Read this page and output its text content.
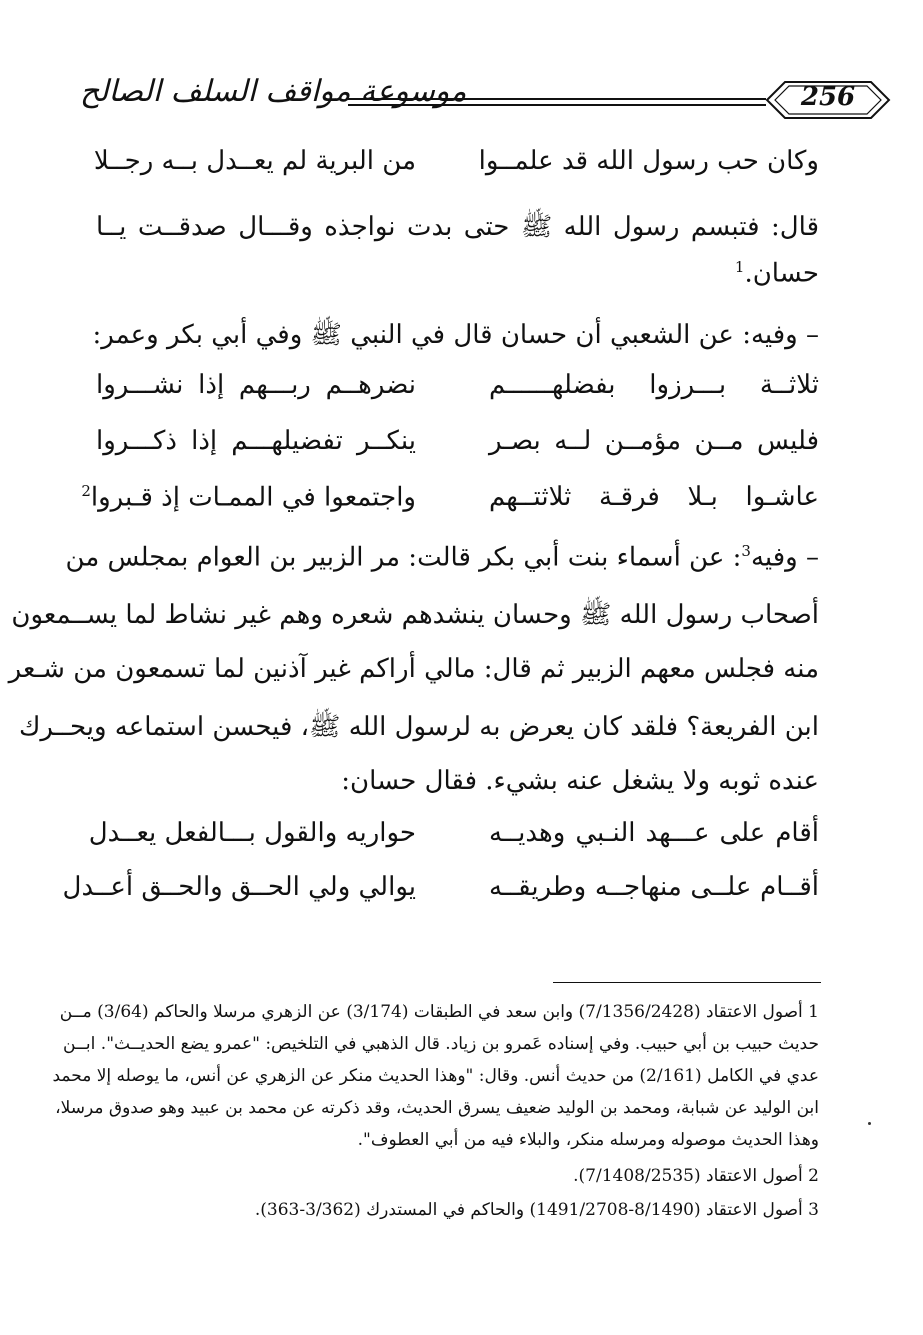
موسوعة مواقف السلف الصالح	256
وكان حب رسول الله قد علمــوا
من البرية لم يعــدل بــه رجــلا
قال: فتبسم رسول الله ﷺ حتى بدت نواجذه وقـــال صدقــت يــا
حسان.$^1$
– وفيه: عن الشعبي أن حسان قال في النبي ﷺ وفي أبي بكر وعمر:
ثلاثــة بـــرزوا بفضلهــــــم
نضرهــم ربـــهم إذا نشـــروا
فليس مــن مؤمــن لــه بصـر
ينكــر تفضيلهـــم إذا ذكـــروا
عاشـوا بـلا فرقـة ثلاثتــهم
واجتمعوا في الممـات إذ قـبروا$^2$
– وفيه$^3$: عن أسماء بنت أبي بكر قالت: مر الزبير بن العوام بمجلس من
أصحاب رسول الله ﷺ وحسان ينشدهم شعره وهم غير نشاط لما يســمعون
منه فجلس معهم الزبير ثم قال: مالي أراكم غير آذنين لما تسمعون من شـعر
ابن الفريعة؟ فلقد كان يعرض به لرسول الله ﷺ، فيحسن استماعه ويحــرك
عنده ثوبه ولا يشغل عنه بشيء. فقال حسان:
أقام على عـــهد النـبي وهديــه
حواريه والقول بـــالفعل يعــدل
أقــام علــى منهاجــه وطريقــه
يوالي ولي الحــق والحــق أعــدل
1 أصول الاعتقاد (7/1356/2428) وابن سعد في الطبقات (3/174) عن الزهري مرسلا والحاكم (3/64) مــن
حديث حبيب بن أبي حبيب. وفي إسناده عَمرو بن زياد. قال الذهبي في التلخيص: "عمرو يضع الحديــث". ابــن
عدي في الكامل (2/161) من حديث أنس. وقال: "وهذا الحديث منكر عن الزهري عن أنس، ما يوصله إلا محمد
ابن الوليد عن شبابة، ومحمد بن الوليد ضعيف يسرق الحديث، وقد ذكرته عن محمد بن عبيد وهو صدوق مرسلا،
وهذا الحديث موصوله ومرسله منكر، والبلاء فيه من أبي العطوف".
2 أصول الاعتقاد (7/1408/2535).
3 أصول الاعتقاد (8/1490-1491/2708) والحاكم في المستدرك (3/362-363).
